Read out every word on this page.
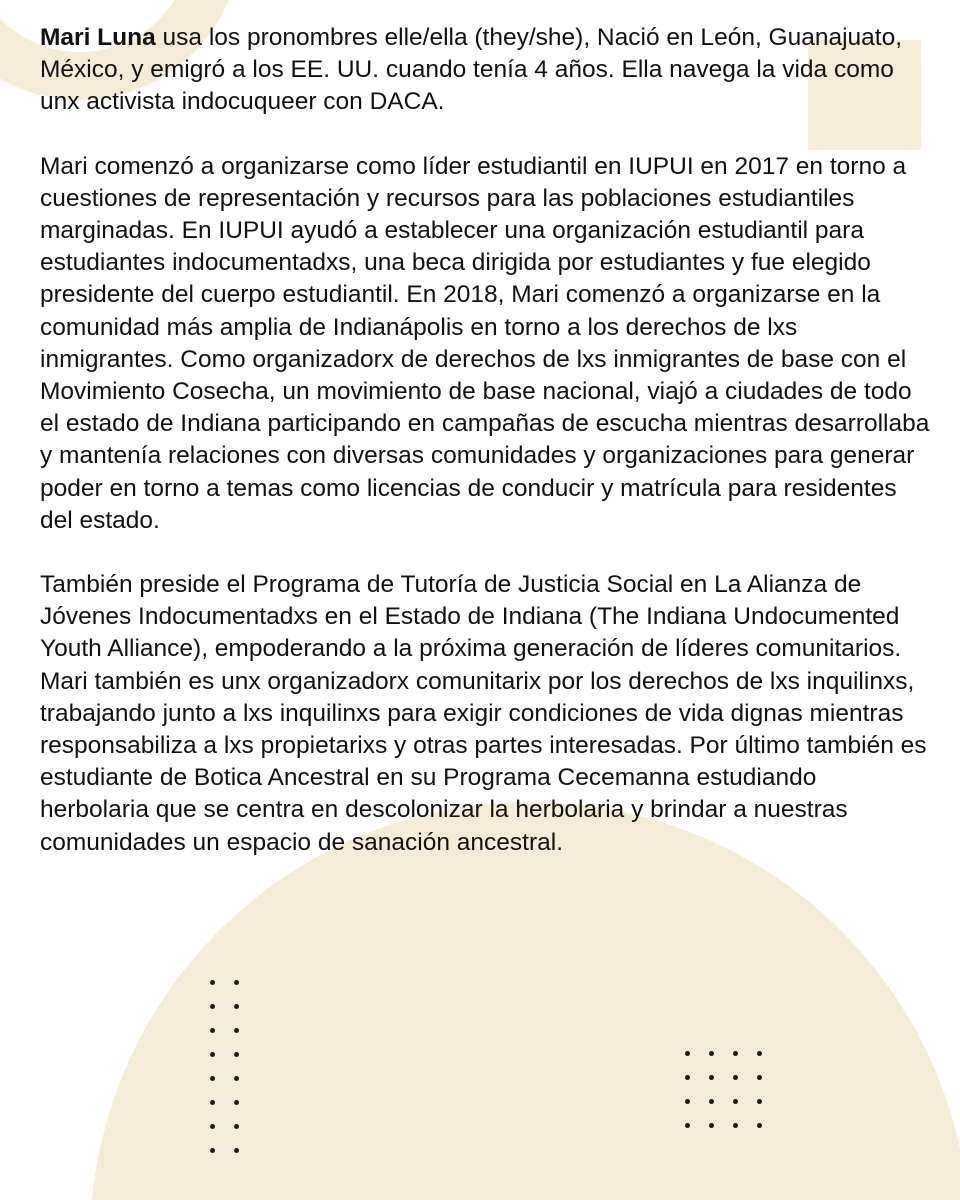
Mari Luna usa los pronombres elle/ella (they/she), Nació en León, Guanajuato, México, y emigró a los EE. UU. cuando tenía 4 años. Ella navega la vida como unx activista indocuqueer con DACA.

Mari comenzó a organizarse como líder estudiantil en IUPUI en 2017 en torno a cuestiones de representación y recursos para las poblaciones estudiantiles marginadas. En IUPUI ayudó a establecer una organización estudiantil para estudiantes indocumentadxs, una beca dirigida por estudiantes y fue elegido presidente del cuerpo estudiantil. En 2018, Mari comenzó a organizarse en la comunidad más amplia de Indianápolis en torno a los derechos de lxs inmigrantes. Como organizadorx de derechos de lxs inmigrantes de base con el Movimiento Cosecha, un movimiento de base nacional, viajó a ciudades de todo el estado de Indiana participando en campañas de escucha mientras desarrollaba y mantenía relaciones con diversas comunidades y organizaciones para generar poder en torno a temas como licencias de conducir y matrícula para residentes del estado.

También preside el Programa de Tutoría de Justicia Social en La Alianza de Jóvenes Indocumentadxs en el Estado de Indiana (The Indiana Undocumented Youth Alliance), empoderando a la próxima generación de líderes comunitarios. Mari también es unx organizadorx comunitarix por los derechos de lxs inquilinxs, trabajando junto a lxs inquilinxs para exigir condiciones de vida dignas mientras responsabiliza a lxs propietarixs y otras partes interesadas. Por último también es estudiante de Botica Ancestral en su Programa Cecemanna estudiando herbolaria que se centra en descolonizar la herbolaria y brindar a nuestras comunidades un espacio de sanación ancestral.
